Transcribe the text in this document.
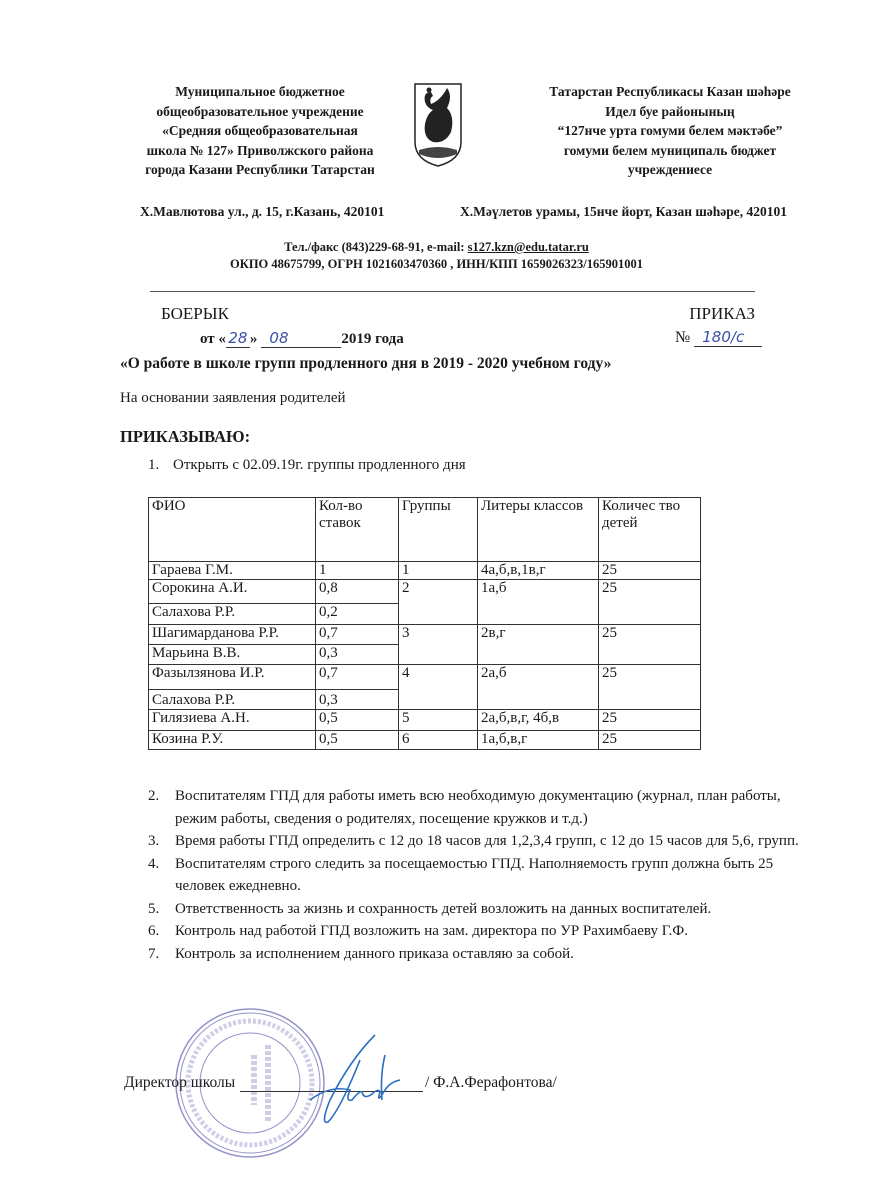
Муниципальное бюджетное
общеобразовательное учреждение
«Средняя общеобразовательная
школа № 127» Приволжского района
города Казани Республики Татарстан
Татарстан Республикасы Казан шәһәре
Идел буе районының
“127нче урта гомуми белем мәктәбе”
гомуми белем муниципаль бюджет
учреждениесе
Х.Мавлютова ул., д. 15, г.Казань, 420101	Х.Мәүлетов урамы, 15нче йорт, Казан шәһәре, 420101
Тел./факс (843)229-68-91, e-mail: s127.kzn@edu.tatar.ru
ОКПО 48675799, ОГРН 1021603470360 , ИНН/КПП 1659026323/165901001
БОЕРЫК	ПРИКАЗ
от « 28 » 08	2019 года	№ 180/с
«О работе в школе групп продленного дня в 2019 - 2020 учебном году»
На основании заявления родителей
ПРИКАЗЫВАЮ:
1. Открыть с 02.09.19г. группы продленного дня
ФИО	Кол-во ставок	Группы	Литеры классов	Количес тво детей
Гараева Г.М.	1	1	4а,б,в,1в,г	25
Сорокина А.И.	0,8	2	1а,б	25
Салахова Р.Р.	0,2			
Шагимарданова Р.Р.	0,7	3	2в,г	25
Марьина В.В.	0,3			
Фазылзянова И.Р.	0,7	4	2а,б	25
Салахова Р.Р.	0,3			
Гилязиева А.Н.	0,5	5	2а,б,в,г, 4б,в	25
Козина Р.У.	0,5	6	1а,б,в,г	25
2.	Воспитателям ГПД для работы иметь всю необходимую документацию (журнал, план работы, режим работы, сведения о родителях, посещение кружков и т.д.)
3.	Время работы ГПД определить с 12 до 18 часов для 1,2,3,4 групп, с 12 до 15 часов для 5,6, групп.
4.	Воспитателям строго следить за посещаемостью ГПД. Наполняемость групп должна быть 25 человек ежедневно.
5.	Ответственность за жизнь и сохранность детей возложить на данных воспитателей.
6.	Контроль над работой ГПД возложить на зам. директора по УР Рахимбаеву Г.Ф.
7.	Контроль за исполнением данного приказа оставляю за собой.
Директор школы	/ Ф.А.Ферафонтова/
